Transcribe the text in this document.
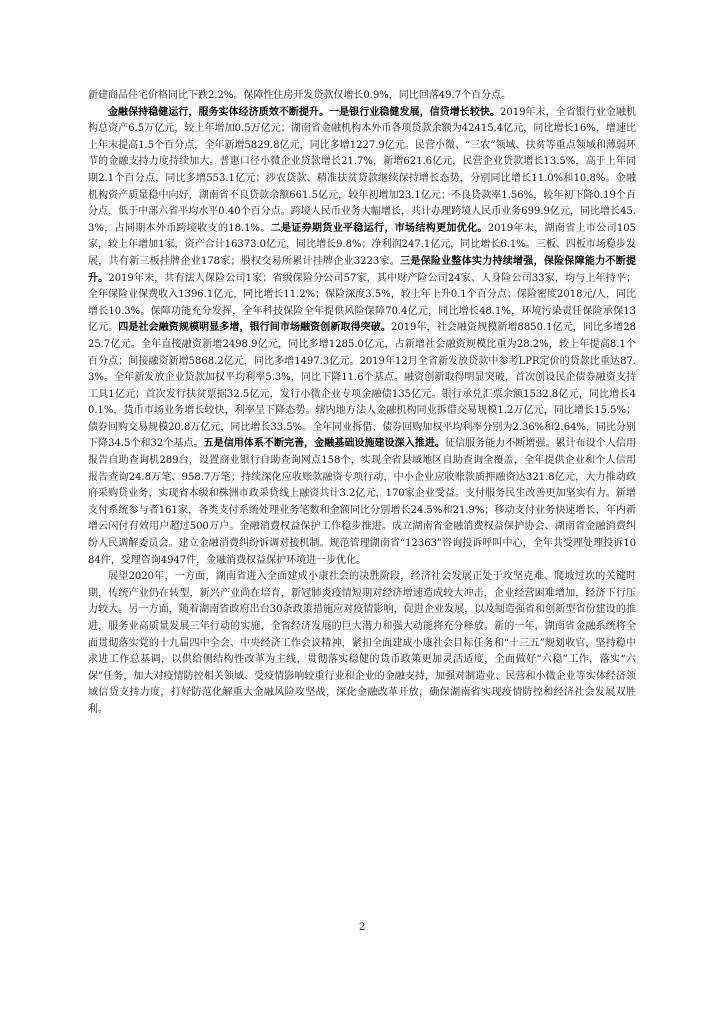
新建商品住宅价格同比下跌2.2%。保障性住房开发贷款仅增长0.9%，同比回落49.7个百分点。

金融保持稳健运行，服务实体经济质效不断提升。一是银行业稳健发展，信贷增长较快。2019年末，全省银行业金融机构总资产6.5万亿元，较上年增加0.5万亿元；湖南省金融机构本外币各项贷款余额为42415.4亿元，同比增长16%，增速比上年末提高1.5个百分点，全年新增5829.8亿元，同比多增1227.9亿元。民营小微、“三农”领域、扶贫等重点领域和薄弱环节的金融支持力度持续加大。普惠口径小微企业贷款增长21.7%，新增621.6亿元，民营企业贷款增长13.5%，高于上年同期2.1个百分点，同比多增553.1亿元；涉农贷款、精准扶贫贷款继续保持增长态势，分别同比增长11.0%和10.8%。金融机构资产质量稳中向好，湖南省不良贷款余额661.5亿元，较年初增加23.1亿元；不良贷款率1.56%，较年初下降0.19个百分点，低于中部六省平均水平0.40个百分点。跨境人民币业务大幅增长，共计办理跨境人民币业务699.9亿元，同比增长45.3%，占同期本外币跨境收支的18.1%。二是证券期货业平稳运行，市场结构更加优化。2019年末，湖南省上市公司105家，较上年增加1家，资产合计16373.0亿元，同比增长9.8%；净利润247.1亿元，同比增长6.1%。三板、四板市场稳步发展，共有新三板挂牌企业178家；股权交易所累计挂牌企业3223家。三是保险业整体实力持续增强，保险保障能力不断提升。2019年末，共有法人保险公司1家；省级保险分公司57家，其中财产险公司24家、人身险公司33家，均与上年持平；全年保险业保费收入1396.1亿元，同比增长11.2%；保险深度3.5%，较上年上升0.1个百分点；保险密度2018元/人，同比增长10.3%。保障功能充分发挥，全年科技保险全年提供风险保障70.4亿元，同比增长48.1%，环境污染责任保险承保13亿元。四是社会融资规模明显多增，银行间市场融资创新取得突破。2019年，社会融资规模新增8850.1亿元，同比多增2825.7亿元。全年直接融资新增2498.9亿元，同比多增1285.0亿元，占新增社会融资规模比重为28.2%，较上年提高8.1个百分点；间接融资新增5868.2亿元，同比多增1497.3亿元。2019年12月全省新发放贷款中参考LPR定价的贷款比重达87.3%。全年新发放企业贷款加权平均利率5.3%，同比下降11.6个基点。融资创新取得明显突破，首次创设民企债券融资支持工具1亿元；首次发行扶贫票据32.5亿元，发行小微企业专项金融债135亿元。银行承兑汇票余额1532.8亿元，同比增长40.1%，货币市场业务增长较快，利率呈下降态势。辖内地方法人金融机构同业拆借交易规模1.2万亿元，同比增长15.5%；债券回购交易规模20.8万亿元，同比增长33.5%。全年同业拆借、债券回购加权平均利率分别为2.36%和2.64%，同比分别下降34.5个和32个基点。五是信用体系不断完善，金融基础设施建设深入推进。征信服务能力不断增强。累计布设个人信用报告自助查询机289台，设置商业银行自助查询网点158个，实现全省县域地区自助查询全覆盖，全年提供企业和个人信用报告查询24.8万笔、958.7万笔；持续深化应收账款融资专项行动，中小企业应收账款质押融资达321.8亿元，大力推动政府采购贷业务，实现省本级和株洲市政采贷线上融资共计3.2亿元，170家企业受益。支付服务民生改善更加坚实有力。新增支付系统参与者161家，各类支付系统处理业务笔数和金额同比分别增长24.5%和21.9%；移动支付业务快速增长，年内新增云闪付有效用户超过500万户。金融消费权益保护工作稳步推进。成立湖南省金融消费权益保护协会、湖南省金融消费纠纷人民调解委员会。建立金融消费纠纷诉调对接机制。规范管理湖南省“12363”咨询投诉呼叫中心，全年共受理处理投诉1084件，受理咨询4947件，金融消费权益保护环境进一步优化。

展望2020年，一方面，湖南省进入全面建成小康社会的决胜阶段，经济社会发展正处于攻坚克难、爬坡过坎的关键时期，传统产业仍在转型，新兴产业尚在培育，新冠肺炎疫情短期对经济增速造成较大冲击，企业经营困难增加，经济下行压力较大。另一方面，随着湖南省政府出台30条政策措施应对疫情影响，促进企业发展，以及制造强省和创新型省份建设的推进，服务业高质量发展三年行动的实施，全省经济发展的巨大潜力和强大动能将充分释放。新的一年，湖南省金融系统将全面贯彻落实党的十九届四中全会、中央经济工作会议精神，紧扣全面建成小康社会目标任务和“十三五”规划收官，坚持稳中求进工作总基调，以供给侧结构性改革为主线，贯彻落实稳健的货币政策更加灵活适度，全面做好“六稳”工作，落实“六保”任务，加大对疫情防控相关领域、受疫情影响较重行业和企业的金融支持，加强对制造业、民营和小微企业等实体经济领域信贷支持力度，打好防范化解重大金融风险攻坚战，深化金融改革开放，确保湖南省实现疫情防控和经济社会发展双胜利。

2
